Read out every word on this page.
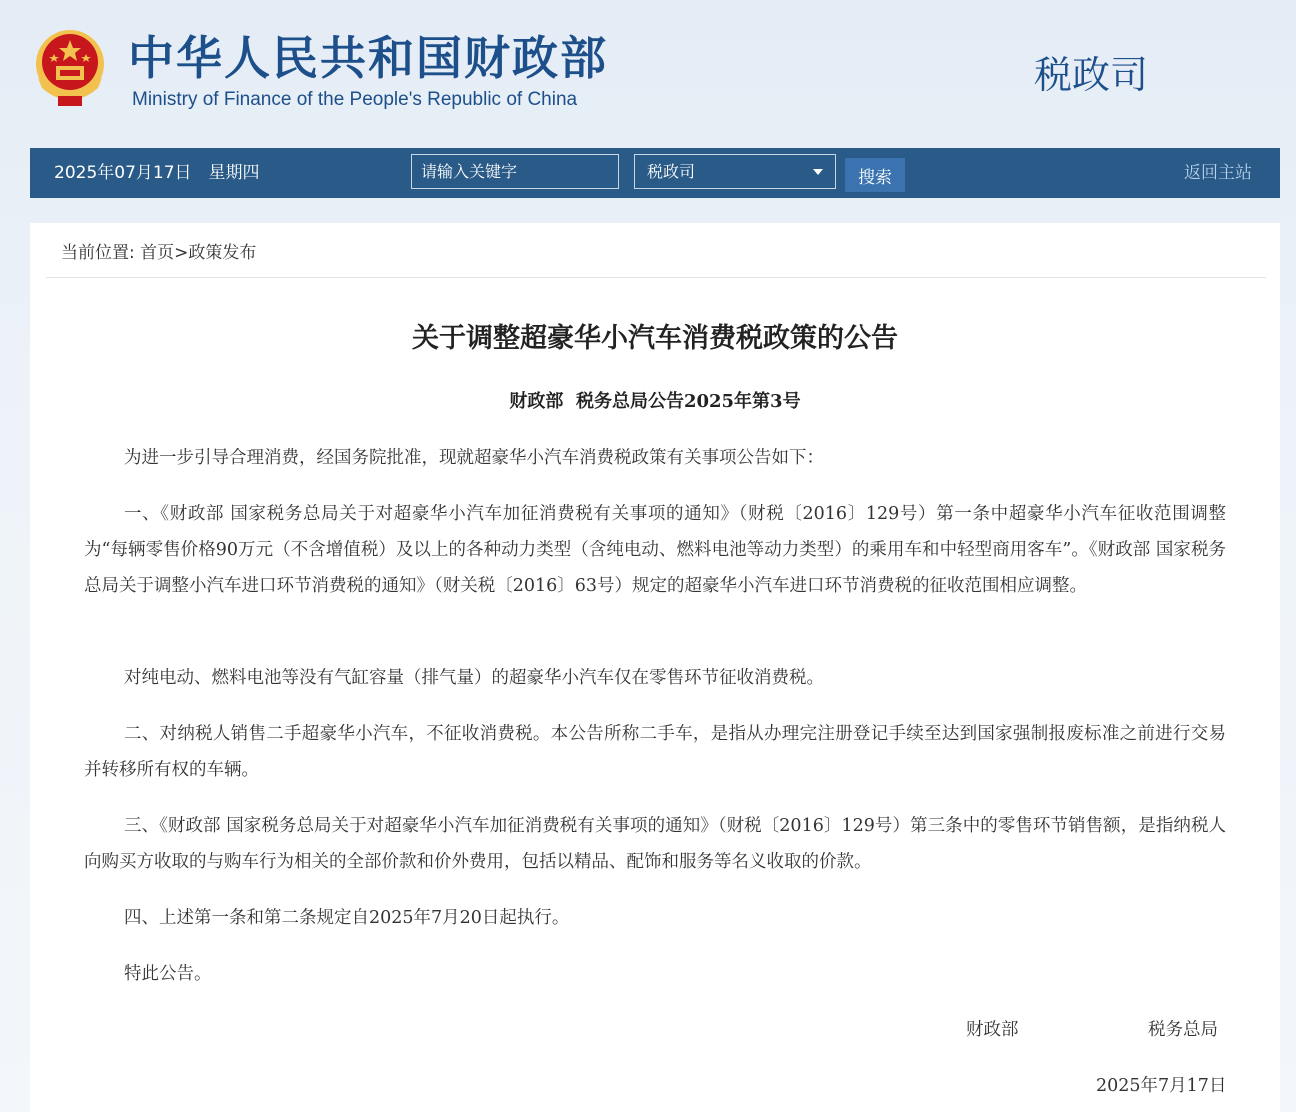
中华人民共和国财政部
Ministry of Finance of the People's Republic of China
税政司
2025年07月17日　星期四
请输入关键字	税政司	搜索	返回主站
当前位置: 首页>政策发布
关于调整超豪华小汽车消费税政策的公告
财政部  税务总局公告2025年第3号

为进一步引导合理消费，经国务院批准，现就超豪华小汽车消费税政策有关事项公告如下：

一、《财政部 国家税务总局关于对超豪华小汽车加征消费税有关事项的通知》（财税〔2016〕129号）第一条中超豪华小汽车征收范围调整为“每辆零售价格90万元（不含增值税）及以上的各种动力类型（含纯电动、燃料电池等动力类型）的乘用车和中轻型商用客车”。《财政部 国家税务总局关于调整小汽车进口环节消费税的通知》（财关税〔2016〕63号）规定的超豪华小汽车进口环节消费税的征收范围相应调整。

对纯电动、燃料电池等没有气缸容量（排气量）的超豪华小汽车仅在零售环节征收消费税。

二、对纳税人销售二手超豪华小汽车，不征收消费税。本公告所称二手车，是指从办理完注册登记手续至达到国家强制报废标准之前进行交易并转移所有权的车辆。

三、《财政部 国家税务总局关于对超豪华小汽车加征消费税有关事项的通知》（财税〔2016〕129号）第三条中的零售环节销售额，是指纳税人向购买方收取的与购车行为相关的全部价款和价外费用，包括以精品、配饰和服务等名义收取的价款。

四、上述第一条和第二条规定自2025年7月20日起执行。

特此公告。

财政部	税务总局
2025年7月17日
